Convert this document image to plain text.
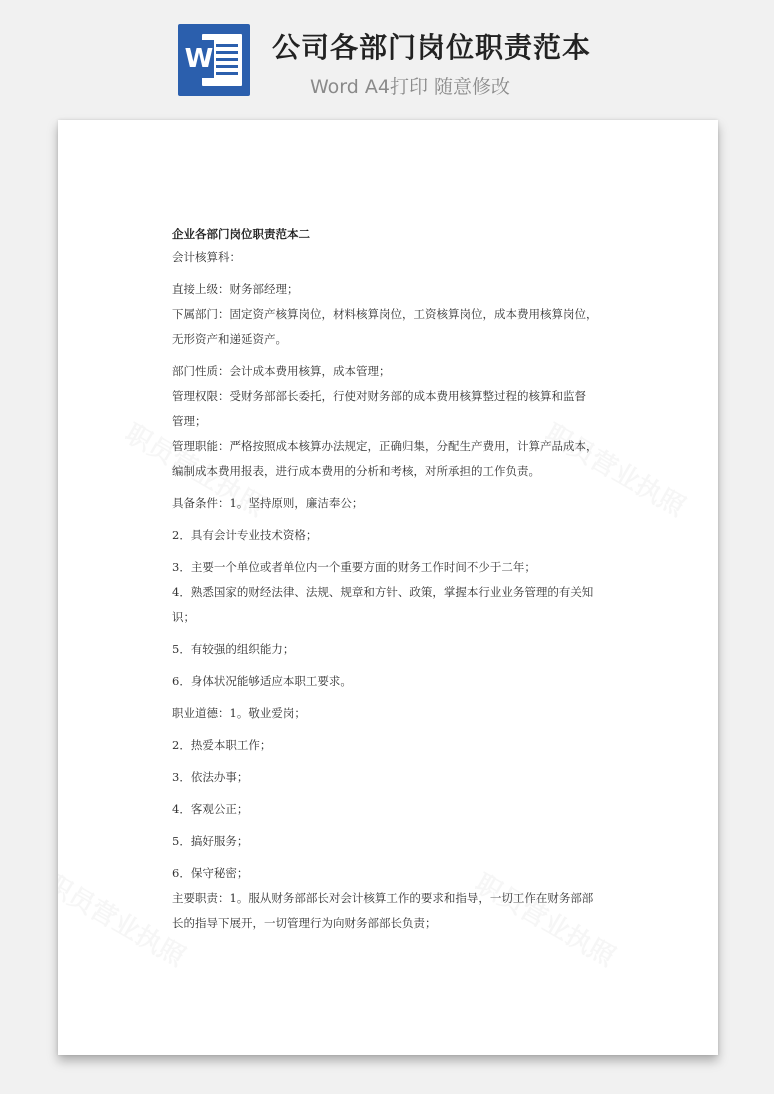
W 公司各部门岗位职责范本
Word A4打印 随意修改

企业各部门岗位职责范本二

会计核算科：

直接上级：财务部经理；

下属部门：固定资产核算岗位，材料核算岗位，工资核算岗位，成本费用核算岗位，

无形资产和递延资产。

部门性质：会计成本费用核算，成本管理；

管理权限：受财务部部长委托，行使对财务部的成本费用核算整过程的核算和监督

管理；

管理职能：严格按照成本核算办法规定，正确归集，分配生产费用，计算产品成本，

编制成本费用报表，进行成本费用的分析和考核，对所承担的工作负责。

具备条件：1。坚持原则，廉洁奉公；

2．具有会计专业技术资格；

3．主要一个单位或者单位内一个重要方面的财务工作时间不少于二年；

4．熟悉国家的财经法律、法规、规章和方针、政策，掌握本行业业务管理的有关知

识；

5．有较强的组织能力；

6．身体状况能够适应本职工要求。

职业道德：1。敬业爱岗；

2．热爱本职工作；

3．依法办事；

4．客观公正；

5．搞好服务；

6．保守秘密；

主要职责：1。服从财务部部长对会计核算工作的要求和指导，一切工作在财务部部

长的指导下展开，一切管理行为向财务部部长负责；
